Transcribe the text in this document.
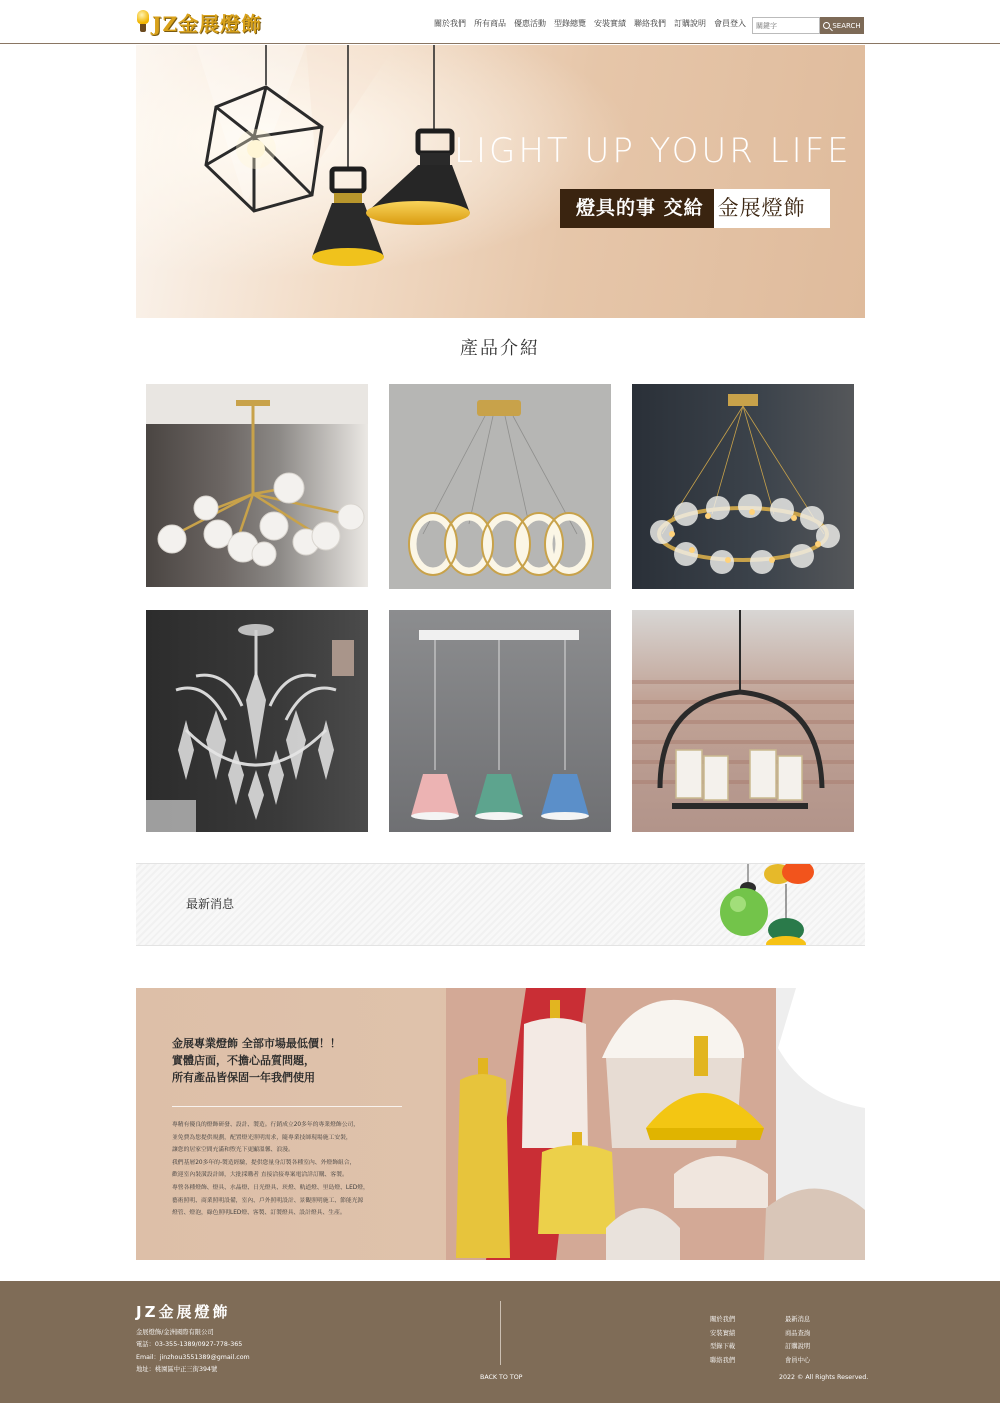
JZ金展燈飾	關於我們 所有商品 優惠活動 型錄總覽 安裝實績 聯絡我們 訂購說明 會員登入
關鍵字	SEARCH
LIGHT UP YOUR LIFE
燈具的事 交給 金展燈飾
產品介紹
最新消息
金展專業燈飾 全部市場最低價！！
實體店面，不擔心品質問題，
所有產品皆保固一年我們使用
專精有優良的燈飾研發、設計、製造。行銷成立20多年的專業燈飾公司，
並免費為您提供規劃，配置燈光照明需求，隨專業技師現場施工安裝，
讓您的居家空間充滿和煦光下更顯溫馨、浪漫。
我們基層20多年的-製造經驗，提供您量身訂製各種室內、外燈飾組合，
歡迎室內裝潢設計師，大批採購者 直接洽接專案電洽詳訂購、客製。
專營各種燈飾、燈具、水晶燈、日光燈具、崁燈、軌道燈、里島燈、LED燈，
藝術照明、商業照明設備，室內、戶外照明設計、景觀照明施工、節能光源
燈管、燈泡，綠色照明LED燈、客製、訂製燈具、設計燈具、生產。
JZ金展燈飾
金展燈飾/金洲國際有限公司
電話：03-355-1389/0927-778-365
Email：jinzhou3551389@gmail.com
地址：桃園區中正三街394號
BACK TO TOP
關於我們
安裝實績
型錄下載
聯絡我們
最新消息
商品查詢
訂購說明
會員中心
2022 © All Rights Reserved.
